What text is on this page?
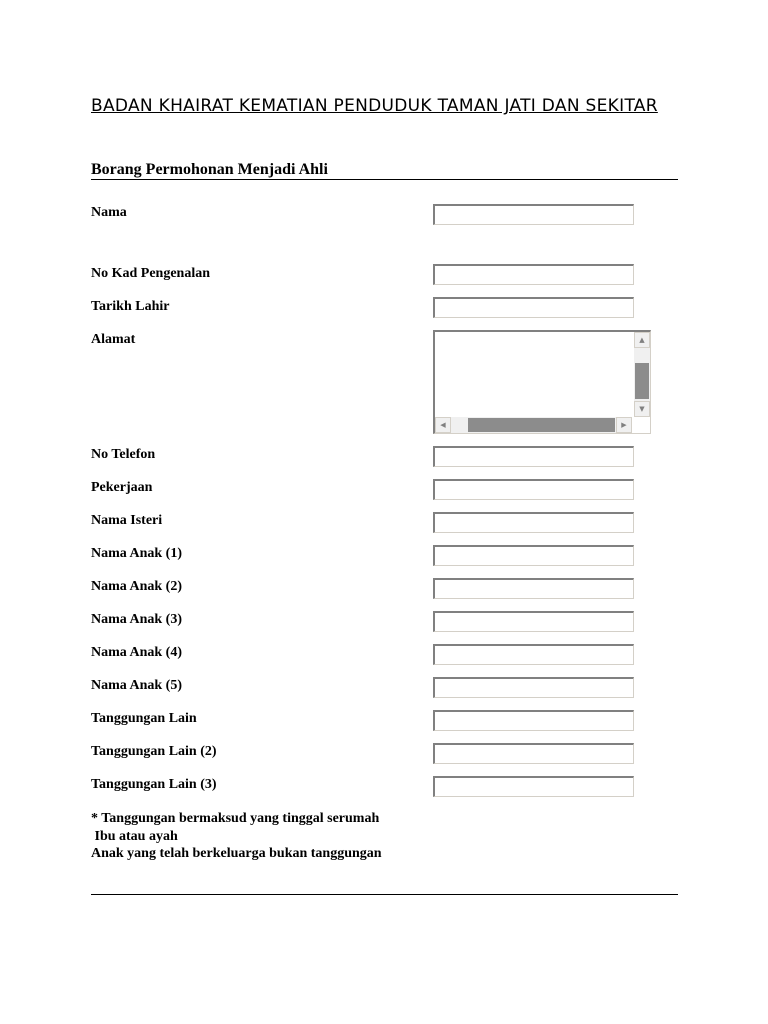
BADAN KHAIRAT KEMATIAN PENDUDUK TAMAN JATI DAN SEKITAR
Borang Permohonan Menjadi Ahli
Nama
No Kad Pengenalan
Tarikh Lahir
Alamat	▲
▼
◀	▶
No Telefon
Pekerjaan
Nama Isteri
Nama Anak (1)
Nama Anak (2)
Nama Anak (3)
Nama Anak (4)
Nama Anak (5)
Tanggungan Lain
Tanggungan Lain (2)
Tanggungan Lain (3)
* Tanggungan bermaksud yang tinggal serumah
Ibu atau ayah
Anak yang telah berkeluarga bukan tanggungan
